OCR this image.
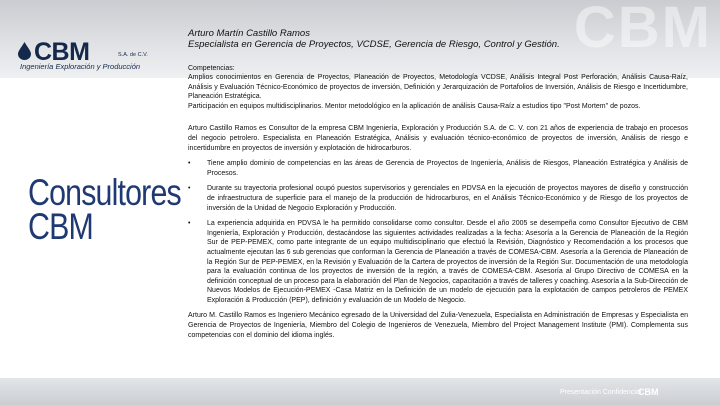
CBM
CBM	S.A. de C.V.
Ingeniería Exploración y Producción
Consultores
CBM
Arturo Martín Castillo Ramos
Especialista en Gerencia de Proyectos, VCDSE, Gerencia de Riesgo, Control y Gestión.
Competencias:
Amplios conocimientos en Gerencia de Proyectos, Planeación de Proyectos, Metodología VCDSE, Análisis Integral Post Perforación, Análisis Causa-Raíz, Análisis y Evaluación Técnico-Económico de proyectos de inversión, Definición y Jerarquización de Portafolios de Inversión, Análisis de Riesgo e Incertidumbre, Planeación Estratégica.
Participación en equipos multidisciplinarios. Mentor metodológico en la aplicación de análisis Causa-Raíz a estudios tipo "Post Mortem" de pozos.
Arturo Castillo Ramos es Consultor de la empresa CBM Ingeniería, Exploración y Producción S.A. de C. V. con 21 años de experiencia de trabajo en procesos del negocio petrolero. Especialista en Planeación Estratégica, Análisis y evaluación técnico-económico de proyectos de inversión, Análisis de riesgo e incertidumbre en proyectos de inversión y explotación de hidrocarburos.
• Tiene amplio dominio de competencias en las áreas de Gerencia de Proyectos de Ingeniería, Análisis de Riesgos, Planeación Estratégica y Análisis de Procesos.
• Durante su trayectoria profesional ocupó puestos supervisorios y gerenciales en PDVSA en la ejecución de proyectos mayores de diseño y construcción de infraestructura de superficie para el manejo de la producción de hidrocarburos, en el Análisis Técnico-Económico y de Riesgo de los proyectos de inversión de la Unidad de Negocio Exploración y Producción.
• La experiencia adquirida en PDVSA le ha permitido consolidarse como consultor. Desde el año 2005 se desempeña como Consultor Ejecutivo de CBM Ingeniería, Exploración y Producción, destacándose las siguientes actividades realizadas a la fecha: Asesoría a la Gerencia de Planeación de la Región Sur de PEP-PEMEX, como parte integrante de un equipo multidisciplinario que efectuó la Revisión, Diagnóstico y Recomendación a los procesos que actualmente ejecutan las 6 sub gerencias que conforman la Gerencia de Planeación a través de COMESA-CBM. Asesoría a la Gerencia de Planeación de la Región Sur de PEP-PEMEX, en la Revisión y Evaluación de la Cartera de proyectos de inversión de la Región Sur. Documentación de una metodología para la evaluación continua de los proyectos de inversión de la región, a través de COMESA-CBM. Asesoría al Grupo Directivo de COMESA en la definición conceptual de un proceso para la elaboración del Plan de Negocios, capacitación a través de talleres y coaching. Asesoría a la Sub-Dirección de Nuevos Modelos de Ejecución-PEMEX -Casa Matriz en la Definición de un modelo de ejecución para la explotación de campos petroleros de PEMEX Exploración & Producción (PEP), definición y evaluación de un Modelo de Negocio.
Arturo M. Castillo Ramos es Ingeniero Mecánico egresado de la Universidad del Zulia-Venezuela, Especialista en Administración de Empresas y Especialista en Gerencia de Proyectos de Ingeniería, Miembro del Colegio de Ingenieros de Venezuela, Miembro del Project Management Institute (PMI). Complementa sus competencias con el dominio del idioma inglés.
Presentación Confidencial
CBM
